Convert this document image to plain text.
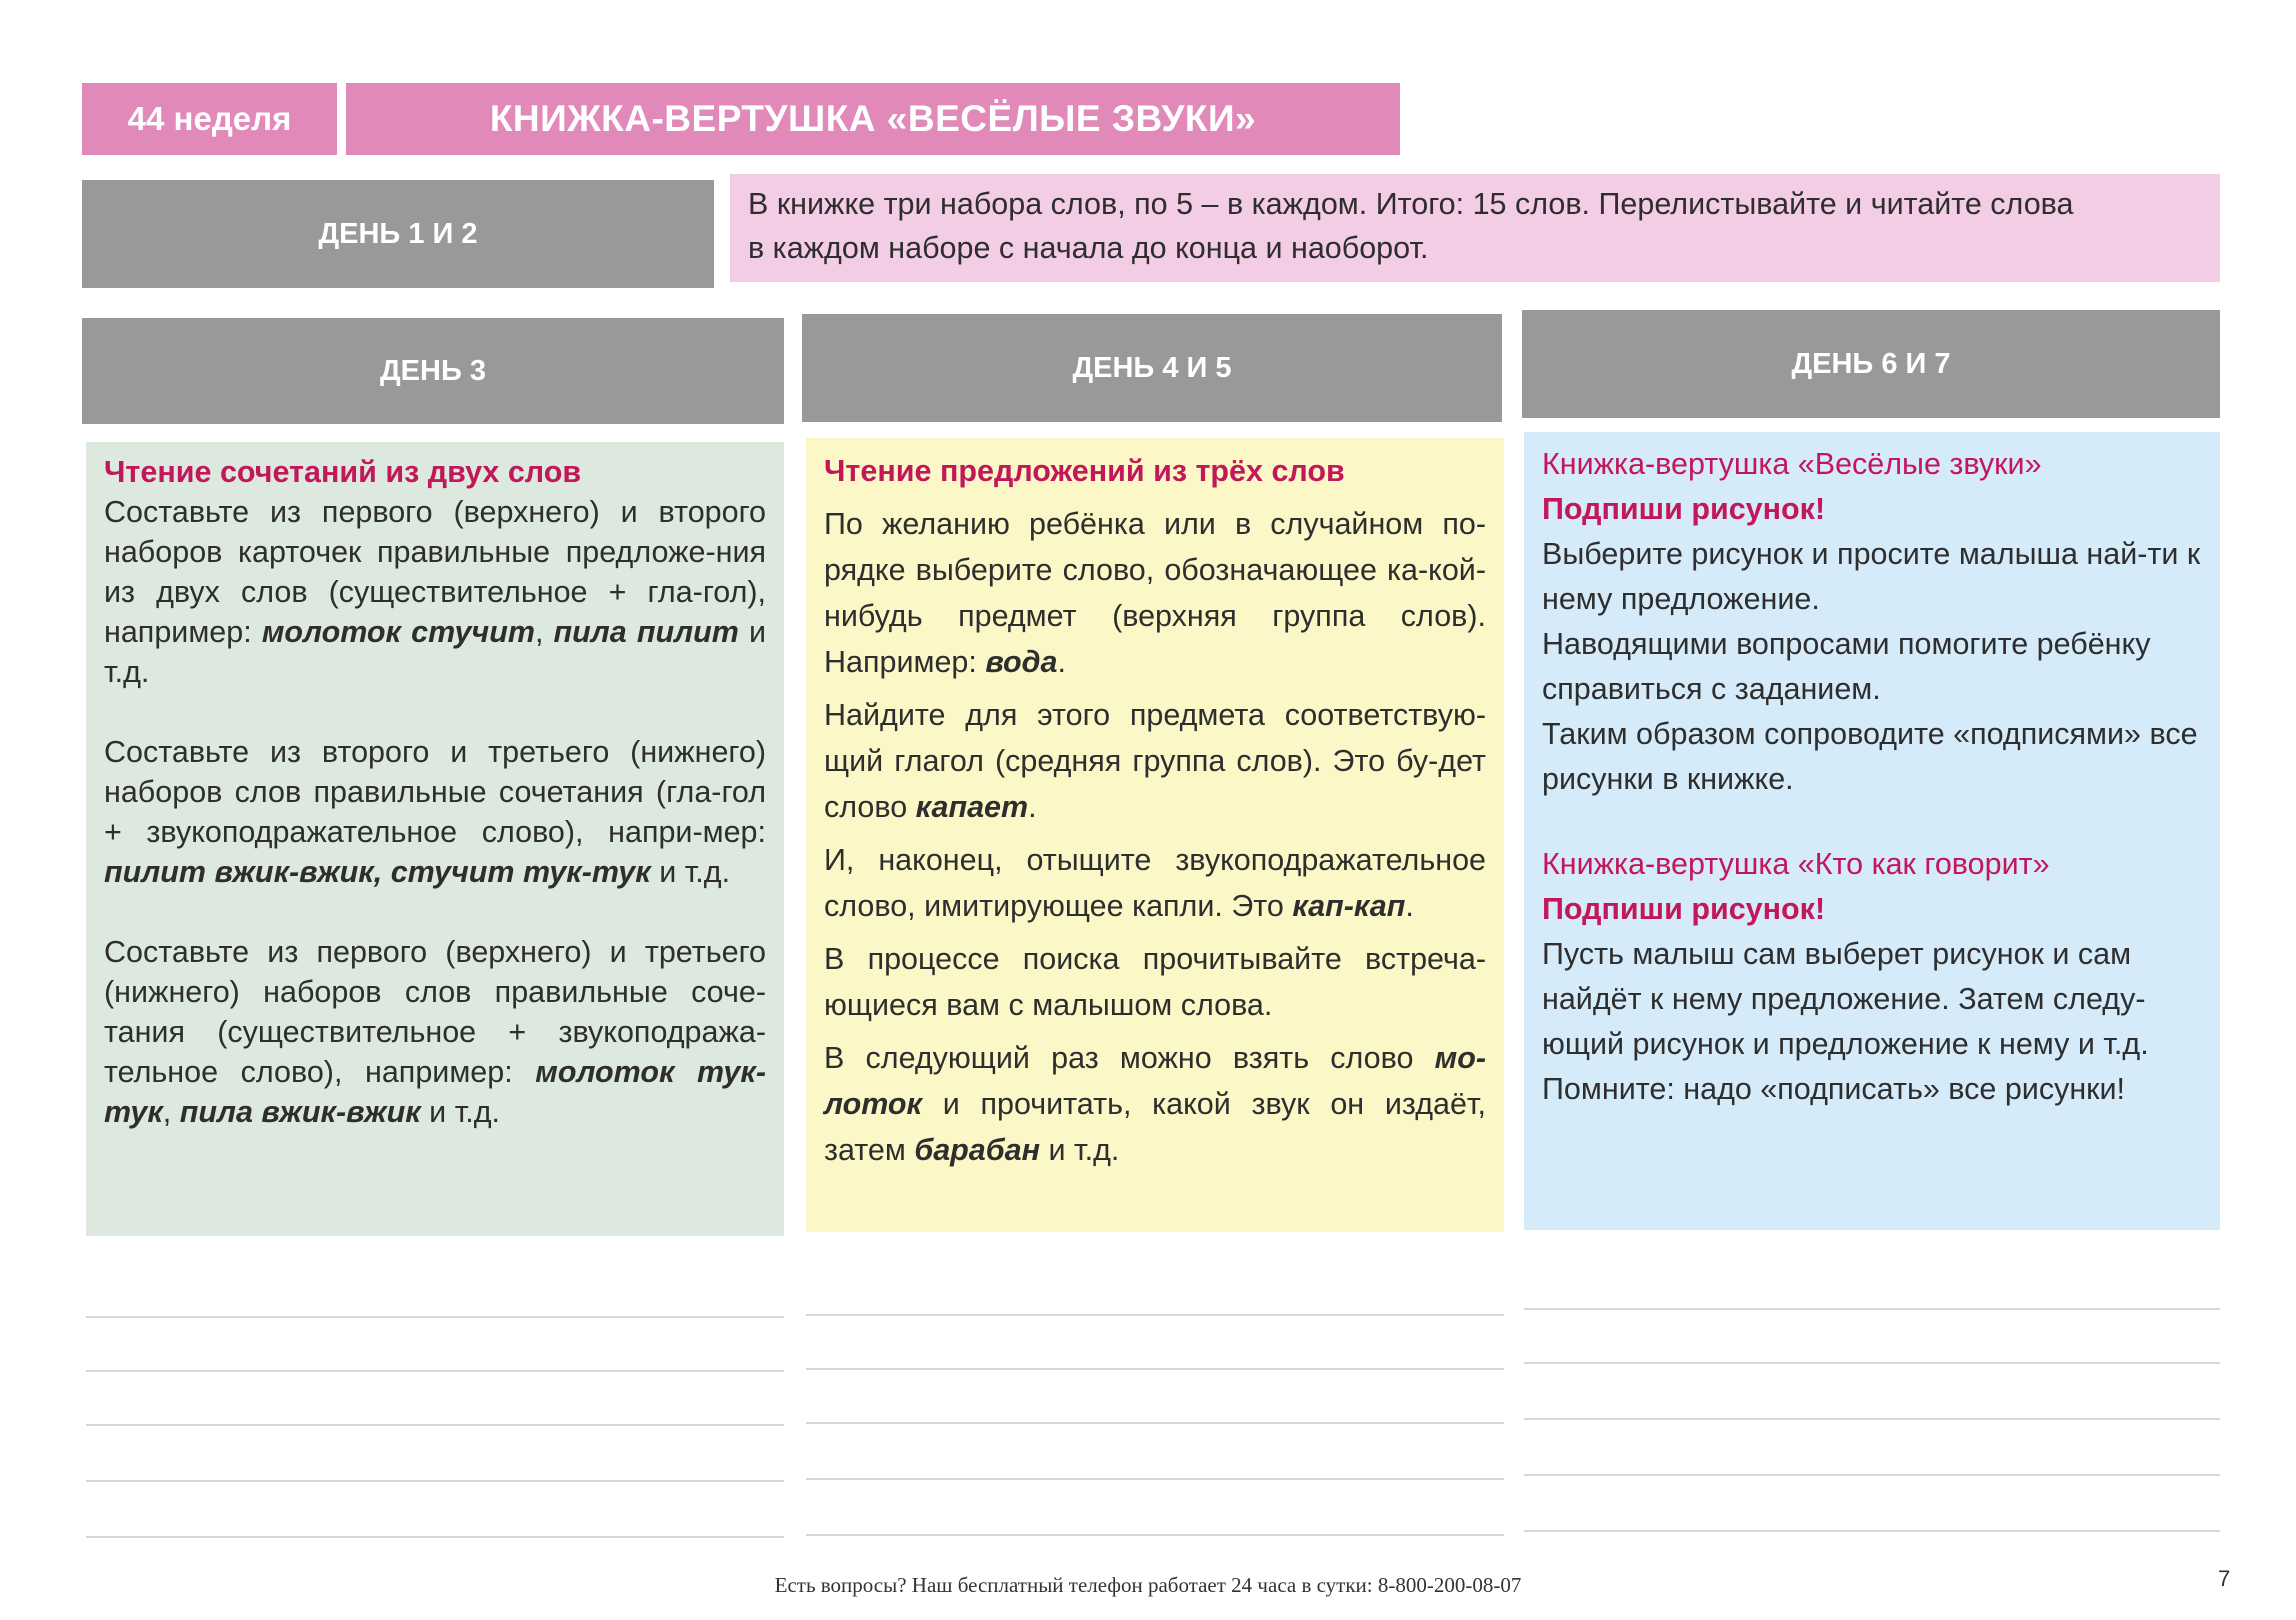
44 неделя	КНИЖКА-ВЕРТУШКА «ВЕСЁЛЫЕ ЗВУКИ»
ДЕНЬ 1 И 2
В книжке три набора слов, по 5 – в каждом. Итого: 15 слов. Перелистывайте и читайте слова
в каждом наборе с начала до конца и наоборот.
ДЕНЬ 3	ДЕНЬ 4 И 5	ДЕНЬ 6 И 7

Чтение сочетаний из двух слов

Составьте из первого (верхнего) и второго наборов карточек правильные предложе-ния из двух слов (существительное + гла-гол), например: молоток стучит, пила пилит и т.д.

Составьте из второго и третьего (нижнего) наборов слов правильные сочетания (гла-гол + звукоподражательное слово), напри-мер: пилит вжик-вжик, стучит тук-тук и т.д.

Составьте из первого (верхнего) и третьего (нижнего) наборов слов правильные соче-тания (существительное + звукоподража-тельное слово), например: молоток тук-тук, пила вжик-вжик и т.д.

Чтение предложений из трёх слов

По желанию ребёнка или в случайном по-рядке выберите слово, обозначающее ка-кой-нибудь предмет (верхняя группа слов). Например: вода.

Найдите для этого предмета соответствую-щий глагол (средняя группа слов). Это бу-дет слово капает.

И, наконец, отыщите звукоподражательное слово, имитирующее капли. Это кап-кап.

В процессе поиска прочитывайте встреча-ющиеся вам с малышом слова.

В следующий раз можно взять слово мо-лоток и прочитать, какой звук он издаёт, затем барабан и т.д.

Книжка-вертушка «Весёлые звуки»

Подпиши рисунок!

Выберите рисунок и просите малыша най-ти к нему предложение.

Наводящими вопросами помогите ребёнку справиться с заданием.

Таким образом сопроводите «подписями» все рисунки в книжке.

Книжка-вертушка «Кто как говорит»

Подпиши рисунок!

Пусть малыш сам выберет рисунок и сам найдёт к нему предложение. Затем следу-ющий рисунок и предложение к нему и т.д.

Помните: надо «подписать» все рисунки!

Есть вопросы? Наш бесплатный телефон работает 24 часа в сутки: 8-800-200-08-07	7
